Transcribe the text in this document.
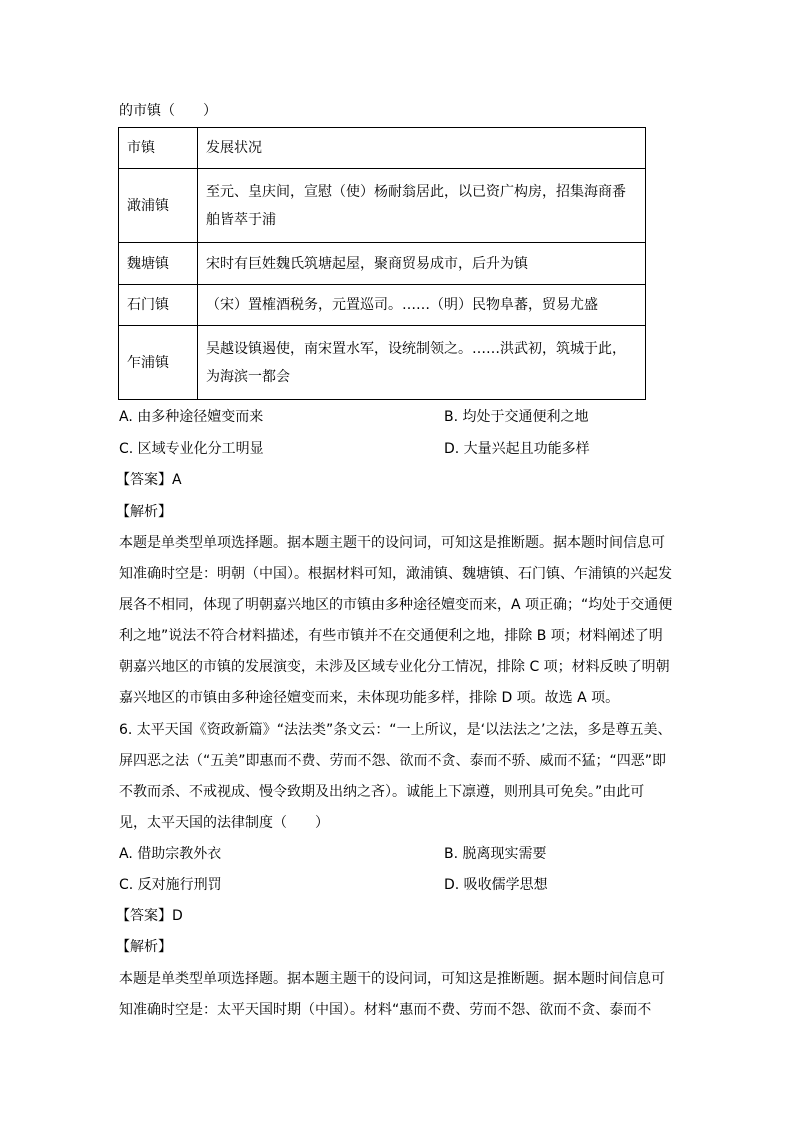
的市镇（　　）
市镇	发展状况
澉浦镇	至元、皇庆间，宣慰（使）杨耐翁居此，以已资广构房，招集海商番
舶皆萃于浦

魏塘镇	宋时有巨姓魏氏筑塘起屋，聚商贸易成市，后升为镇
石门镇	（宋）置榷酒税务，元置巡司。……（明）民物阜蕃，贸易尤盛
乍浦镇	吴越设镇遏使，南宋置水军，设统制领之。……洪武初，筑城于此，
为海滨一都会
A. 由多种途径嬗变而来	B. 均处于交通便利之地
C. 区域专业化分工明显	D. 大量兴起且功能多样
【答案】A
【解析】
本题是单类型单项选择题。据本题主题干的设问词，可知这是推断题。据本题时间信息可
知准确时空是：明朝（中国）。根据材料可知，澉浦镇、魏塘镇、石门镇、乍浦镇的兴起发
展各不相同，体现了明朝嘉兴地区的市镇由多种途径嬗变而来，A 项正确；“均处于交通便
利之地”说法不符合材料描述，有些市镇并不在交通便利之地，排除 B 项；材料阐述了明
朝嘉兴地区的市镇的发展演变，未涉及区域专业化分工情况，排除 C 项；材料反映了明朝
嘉兴地区的市镇由多种途径嬗变而来，未体现功能多样，排除 D 项。故选 A 项。
6. 太平天国《资政新篇》“法法类”条文云：“一上所议，是‘以法法之’之法，多是尊五美、
屏四恶之法（“五美”即惠而不费、劳而不怨、欲而不贪、泰而不骄、威而不猛；“四恶”即
不教而杀、不戒视成、慢令致期及出纳之吝）。诚能上下凛遵，则刑具可免矣。”由此可
见，太平天国的法律制度（　　）
A. 借助宗教外衣	B. 脱离现实需要
C. 反对施行刑罚	D. 吸收儒学思想
【答案】D
【解析】
本题是单类型单项选择题。据本题主题干的设问词，可知这是推断题。据本题时间信息可
知准确时空是：太平天国时期（中国）。材料“惠而不费、劳而不怨、欲而不贪、泰而不
